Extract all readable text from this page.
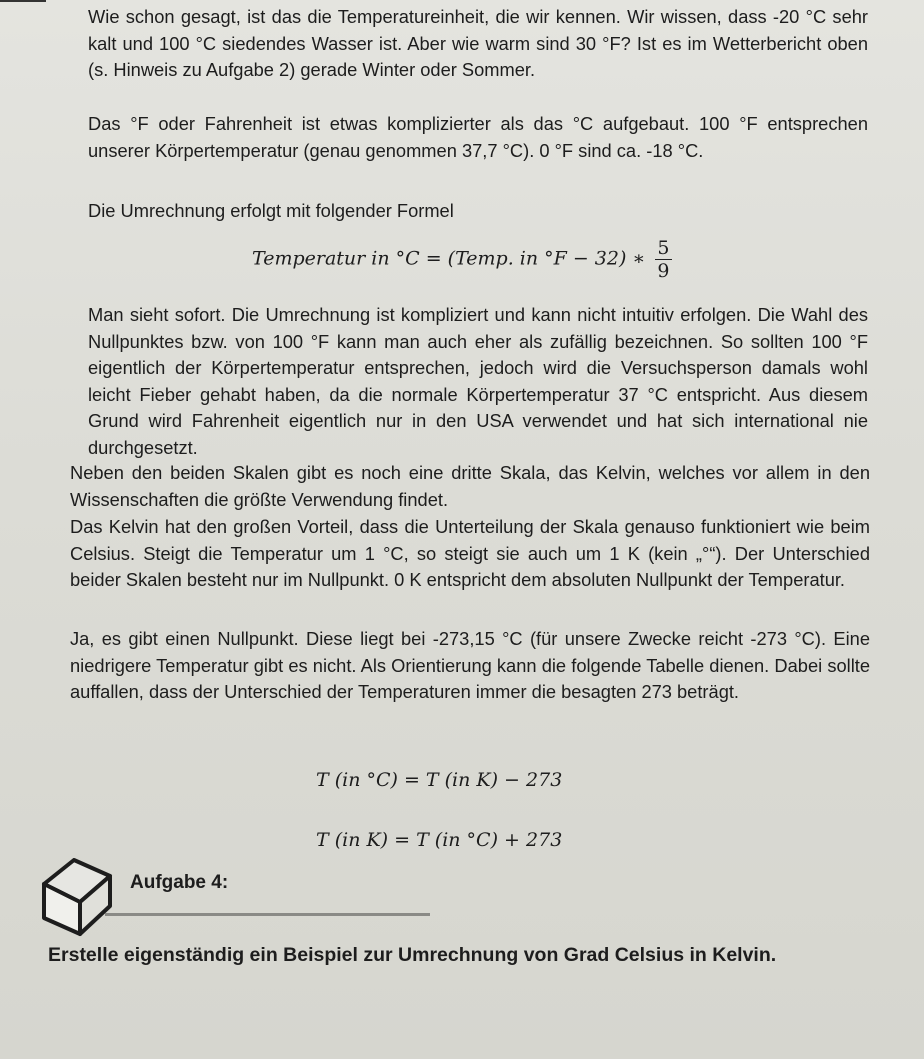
Wie schon gesagt, ist das die Temperatureinheit, die wir kennen. Wir wissen, dass -20 °C sehr kalt und 100 °C siedendes Wasser ist. Aber wie warm sind 30 °F? Ist es im Wetterbericht oben (s. Hinweis zu Aufgabe 2) gerade Winter oder Sommer.
Das °F oder Fahrenheit ist etwas komplizierter als das °C aufgebaut. 100 °F entsprechen unserer Körpertemperatur (genau genommen 37,7 °C). 0 °F sind ca. -18 °C.
Die Umrechnung erfolgt mit folgender Formel
Temperatur in °C = (Temp. in °F − 32) ∗ $\frac{5}{9}$
Man sieht sofort. Die Umrechnung ist kompliziert und kann nicht intuitiv erfolgen. Die Wahl des Nullpunktes bzw. von 100 °F kann man auch eher als zufällig bezeichnen. So sollten 100 °F eigentlich der Körpertemperatur entsprechen, jedoch wird die Versuchsperson damals wohl leicht Fieber gehabt haben, da die normale Körpertemperatur 37 °C entspricht. Aus diesem Grund wird Fahrenheit eigentlich nur in den USA verwendet und hat sich international nie durchgesetzt.
Neben den beiden Skalen gibt es noch eine dritte Skala, das Kelvin, welches vor allem in den Wissenschaften die größte Verwendung findet.
Das Kelvin hat den großen Vorteil, dass die Unterteilung der Skala genauso funktioniert wie beim Celsius. Steigt die Temperatur um 1 °C, so steigt sie auch um 1 K (kein „°“). Der Unterschied beider Skalen besteht nur im Nullpunkt. 0 K entspricht dem absoluten Nullpunkt der Temperatur.
Ja, es gibt einen Nullpunkt. Diese liegt bei -273,15 °C (für unsere Zwecke reicht -273 °C). Eine niedrigere Temperatur gibt es nicht. Als Orientierung kann die folgende Tabelle dienen. Dabei sollte auffallen, dass der Unterschied der Temperaturen immer die besagten 273 beträgt.
T (in °C) = T (in K) − 273
T (in K) = T (in °C) + 273
Aufgabe 4:
Erstelle eigenständig ein Beispiel zur Umrechnung von Grad Celsius in Kelvin.
